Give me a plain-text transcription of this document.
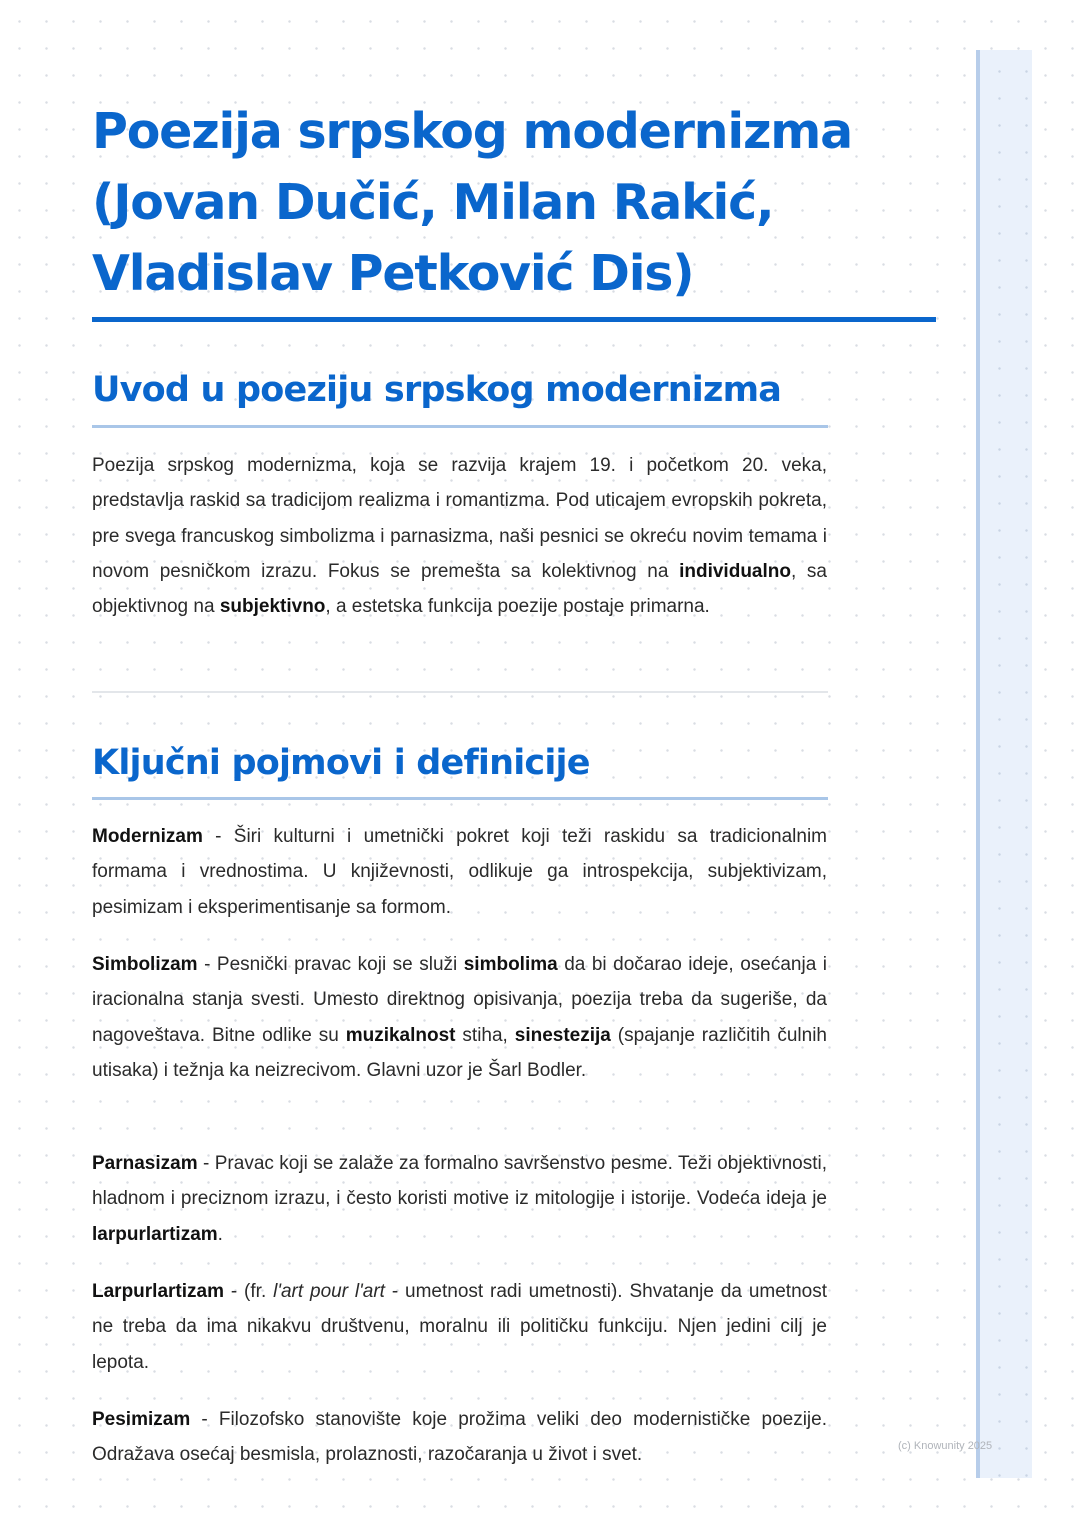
Poezija srpskog modernizma (Jovan Dučić, Milan Rakić, Vladislav Petković Dis)
Uvod u poeziju srpskog modernizma

Poezija srpskog modernizma, koja se razvija krajem 19. i početkom 20. veka, predstavlja raskid sa tradicijom realizma i romantizma. Pod uticajem evropskih pokreta, pre svega francuskog simbolizma i parnasizma, naši pesnici se okreću novim temama i novom pesničkom izrazu. Fokus se premešta sa kolektivnog na individualno, sa objektivnog na subjektivno, a estetska funkcija poezije postaje primarna.

Ključni pojmovi i definicije

Modernizam - Širi kulturni i umetnički pokret koji teži raskidu sa tradicionalnim formama i vrednostima. U književnosti, odlikuje ga introspekcija, subjektivizam, pesimizam i eksperimentisanje sa formom.

Simbolizam - Pesnički pravac koji se služi simbolima da bi dočarao ideje, osećanja i iracionalna stanja svesti. Umesto direktnog opisivanja, poezija treba da sugeriše, da nagoveštava. Bitne odlike su muzikalnost stiha, sinestezija (spajanje različitih čulnih utisaka) i težnja ka neizrecivom. Glavni uzor je Šarl Bodler.

Parnasizam - Pravac koji se zalaže za formalno savršenstvo pesme. Teži objektivnosti, hladnom i preciznom izrazu, i često koristi motive iz mitologije i istorije. Vodeća ideja je larpurlartizam.

Larpurlartizam - (fr. l'art pour l'art - umetnost radi umetnosti). Shvatanje da umetnost ne treba da ima nikakvu društvenu, moralnu ili političku funkciju. Njen jedini cilj je lepota.

Pesimizam - Filozofsko stanovište koje prožima veliki deo modernističke poezije. Odražava osećaj besmisla, prolaznosti, razočaranja u život i svet.	(c) Knowunity 2025
